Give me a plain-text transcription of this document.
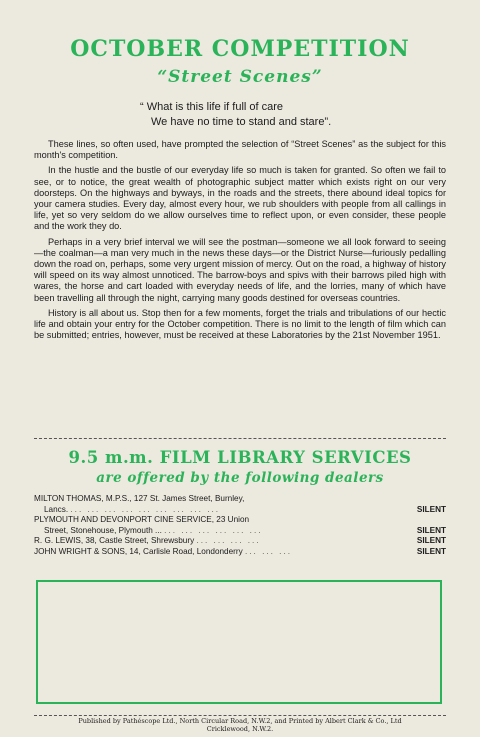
OCTOBER COMPETITION
“Street Scenes”
“ What is this life if full of care
We have no time to stand and stare”.

These lines, so often used, have prompted the selection of “Street Scenes” as the subject for this month's competition.

In the hustle and the bustle of our everyday life so much is taken for granted. So often we fail to see, or to notice, the great wealth of photographic subject matter which exists right on our very doorsteps. On the highways and byways, in the roads and the streets, there abound ideal topics for your camera studies. Every day, almost every hour, we rub shoulders with people from all callings in life, yet so very seldom do we allow ourselves time to reflect upon, or even consider, these people and the work they do.

Perhaps in a very brief interval we will see the postman—someone we all look forward to seeing—the coalman—a man very much in the news these days—or the District Nurse—furiously pedalling down the road on, perhaps, some very urgent mission of mercy. Out on the road, a highway of history will speed on its way almost unnoticed. The barrow-boys and spivs with their barrows piled high with wares, the horse and cart loaded with everyday needs of life, and the lorries, many of which have been travelling all through the night, carrying many goods destined for overseas countries.

History is all about us. Stop then for a few moments, forget the trials and tribulations of our hectic life and obtain your entry for the October competition. There is no limit to the length of film which can be submitted; entries, however, must be received at these Laboratories by the 21st November 1951.

9.5 m.m. FILM LIBRARY SERVICES
are offered by the following dealers
MILTON THOMAS, M.P.S., 127 St. James Street, Burnley,
Lancs. ... ... ... ... ... ... ... ... ...	SILENT
PLYMOUTH AND DEVONPORT CINE SERVICE, 23 Union
Street, Stonehouse, Plymouth ... ... ... ... ... ... ...	SILENT
R. G. LEWIS, 38, Castle Street, Shrewsbury ... ... ... ...	SILENT
JOHN WRIGHT & SONS, 14, Carlisle Road, Londonderry ... ... ...	SILENT
Published by Pathéscope Ltd., North Circular Road, N.W.2, and Printed by Albert Clark & Co., Ltd
Cricklewood, N.W.2.
